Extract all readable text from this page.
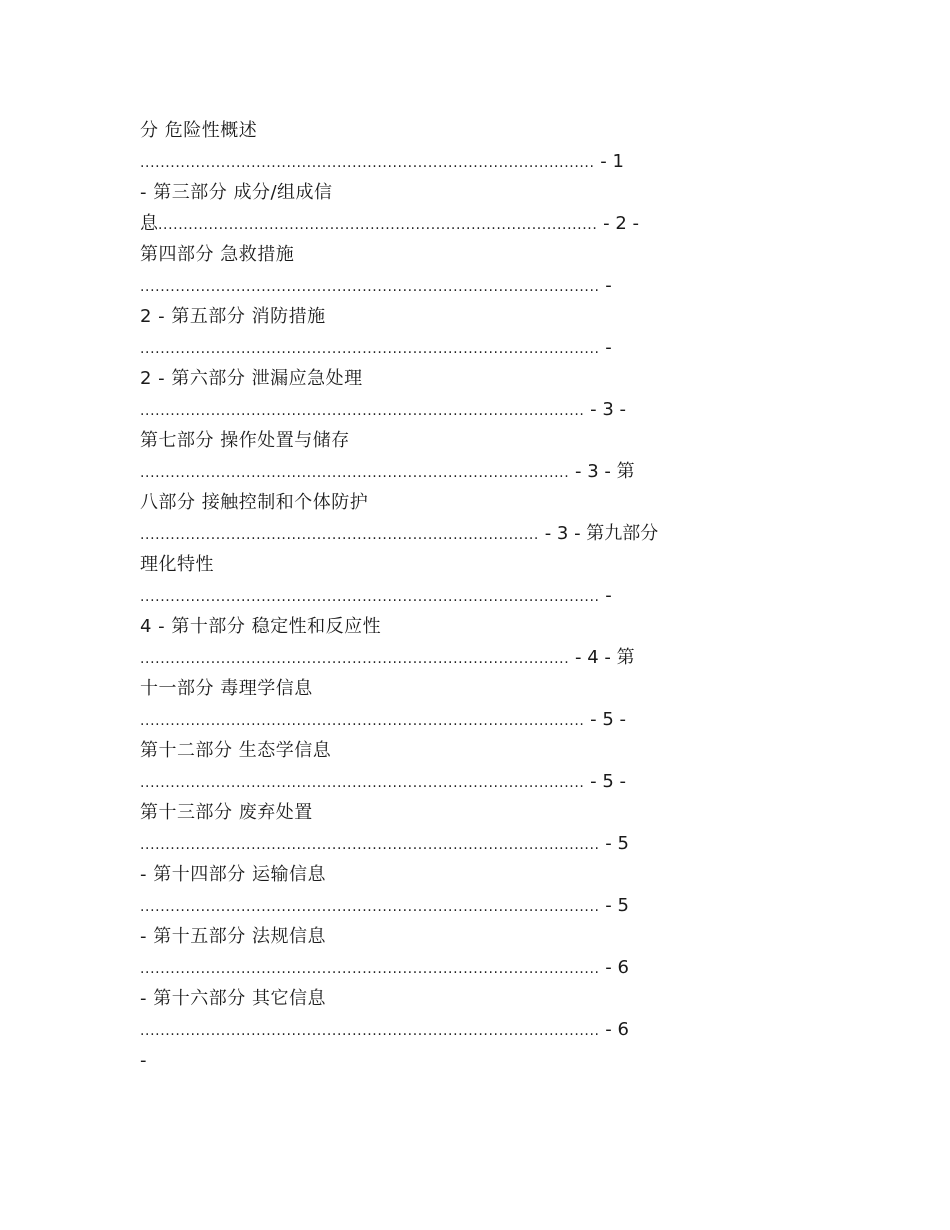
分 危险性概述
.......................................................................................... - 1
- 第三部分 成分/组成信
息....................................................................................... - 2 -
第四部分 急救措施
........................................................................................... -
2 - 第五部分 消防措施
........................................................................................... -
2 - 第六部分 泄漏应急处理
........................................................................................ - 3 -
第七部分 操作处置与储存
..................................................................................... - 3 - 第
八部分 接触控制和个体防护
............................................................................... - 3 - 第九部分
理化特性
........................................................................................... -
4 - 第十部分 稳定性和反应性
..................................................................................... - 4 - 第
十一部分 毒理学信息
........................................................................................ - 5 -
第十二部分 生态学信息
........................................................................................ - 5 -
第十三部分 废弃处置
........................................................................................... - 5
- 第十四部分 运输信息
........................................................................................... - 5
- 第十五部分 法规信息
........................................................................................... - 6
- 第十六部分 其它信息
........................................................................................... - 6
-
